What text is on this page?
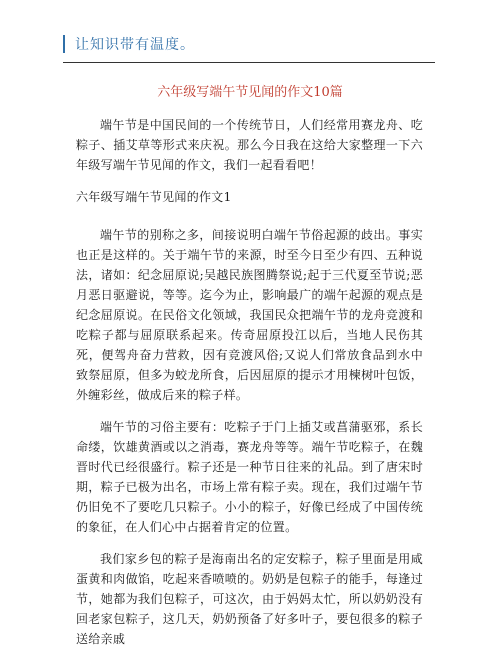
让知识带有温度。
六年级写端午节见闻的作文10篇

端午节是中国民间的一个传统节日，人们经常用赛龙舟、吃粽子、插艾草等形式来庆祝。那么今日我在这给大家整理一下六年级写端午节见闻的作文，我们一起看看吧！

六年级写端午节见闻的作文1

端午节的别称之多，间接说明白端午节俗起源的歧出。事实也正是这样的。关于端午节的来源，时至今日至少有四、五种说法，诸如：纪念屈原说;吴越民族图腾祭说;起于三代夏至节说;恶月恶日驱避说，等等。迄今为止，影响最广的端午起源的观点是纪念屈原说。在民俗文化领域，我国民众把端午节的龙舟竞渡和吃粽子都与屈原联系起来。传奇屈原投江以后，当地人民伤其死，便驾舟奋力营救，因有竞渡风俗;又说人们常放食品到水中致祭屈原，但多为蛟龙所食，后因屈原的提示才用楝树叶包饭，外缠彩丝，做成后来的粽子样。

端午节的习俗主要有：吃粽子于门上插艾或菖蒲驱邪，系长命缕，饮雄黄酒或以之消毒，赛龙舟等等。端午节吃粽子，在魏晋时代已经很盛行。粽子还是一种节日往来的礼品。到了唐宋时期，粽子已极为出名，市场上常有粽子卖。现在，我们过端午节仍旧免不了要吃几只粽子。小小的粽子，好像已经成了中国传统的象征，在人们心中占据着肯定的位置。

我们家乡包的粽子是海南出名的定安粽子，粽子里面是用咸蛋黄和肉做馅，吃起来香喷喷的。奶奶是包粽子的能手，每逢过节，她都为我们包粽子，可这次，由于妈妈太忙，所以奶奶没有回老家包粽子，这几天，奶奶预备了好多叶子，要包很多的粽子送给亲戚
